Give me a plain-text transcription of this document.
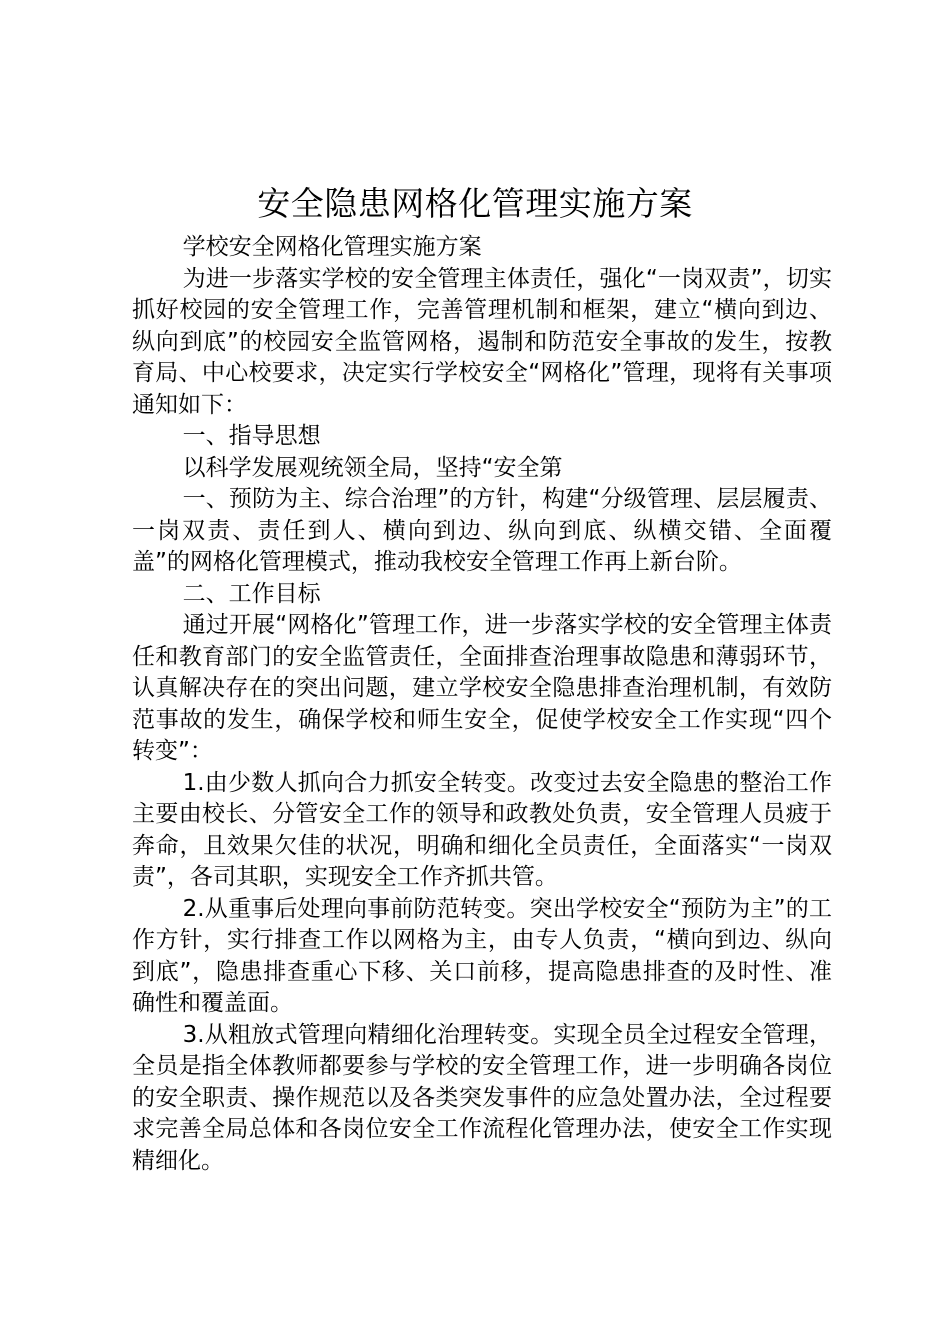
安全隐患网格化管理实施方案

学校安全网格化管理实施方案

为进一步落实学校的安全管理主体责任，强化“一岗双责”，切实抓好校园的安全管理工作，完善管理机制和框架，建立“横向到边、纵向到底”的校园安全监管网格，遏制和防范安全事故的发生，按教育局、中心校要求，决定实行学校安全“网格化”管理，现将有关事项通知如下：

一、指导思想

以科学发展观统领全局，坚持“安全第

一、预防为主、综合治理”的方针，构建“分级管理、层层履责、一岗双责、责任到人、横向到边、纵向到底、纵横交错、全面覆盖”的网格化管理模式，推动我校安全管理工作再上新台阶。

二、工作目标

通过开展“网格化”管理工作，进一步落实学校的安全管理主体责任和教育部门的安全监管责任，全面排查治理事故隐患和薄弱环节，认真解决存在的突出问题，建立学校安全隐患排查治理机制，有效防范事故的发生，确保学校和师生安全，促使学校安全工作实现“四个转变”：

1.由少数人抓向合力抓安全转变。改变过去安全隐患的整治工作主要由校长、分管安全工作的领导和政教处负责，安全管理人员疲于奔命，且效果欠佳的状况，明确和细化全员责任，全面落实“一岗双责”，各司其职，实现安全工作齐抓共管。

2.从重事后处理向事前防范转变。突出学校安全“预防为主”的工作方针，实行排查工作以网格为主，由专人负责，“横向到边、纵向到底”，隐患排查重心下移、关口前移，提高隐患排查的及时性、准确性和覆盖面。

3.从粗放式管理向精细化治理转变。实现全员全过程安全管理，全员是指全体教师都要参与学校的安全管理工作，进一步明确各岗位的安全职责、操作规范以及各类突发事件的应急处置办法，全过程要求完善全局总体和各岗位安全工作流程化管理办法，使安全工作实现精细化。
